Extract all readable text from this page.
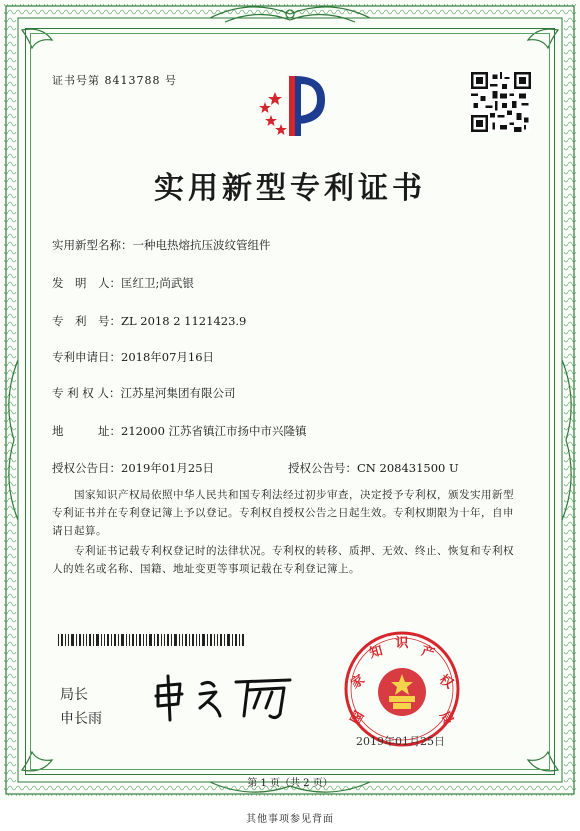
证书号第 8413788 号
实用新型专利证书
实用新型名称：一种电热熔抗压波纹管组件
发　明　人：匡红卫;尚武银
专　利　号：ZL 2018 2 1121423.9
专利申请日：2018年07月16日
专 利 权 人：江苏星河集团有限公司
地　　　址：212000 江苏省镇江市扬中市兴隆镇
授权公告日：2019年01月25日	授权公告号：CN 208431500 U
国家知识产权局依照中华人民共和国专利法经过初步审查，决定授予专利权，颁发实用新型专利证书并在专利登记簿上予以登记。专利权自授权公告之日起生效。专利权期限为十年，自申请日起算。
专利证书记载专利权登记时的法律状况。专利权的转移、质押、无效、终止、恢复和专利权人的姓名或名称、国籍、地址变更等事项记载在专利登记簿上。
局长
申长雨	国
家
知
识
产
权
局
2019年01月25日
第 1 页（共 2 页）
其他事项参见背面
